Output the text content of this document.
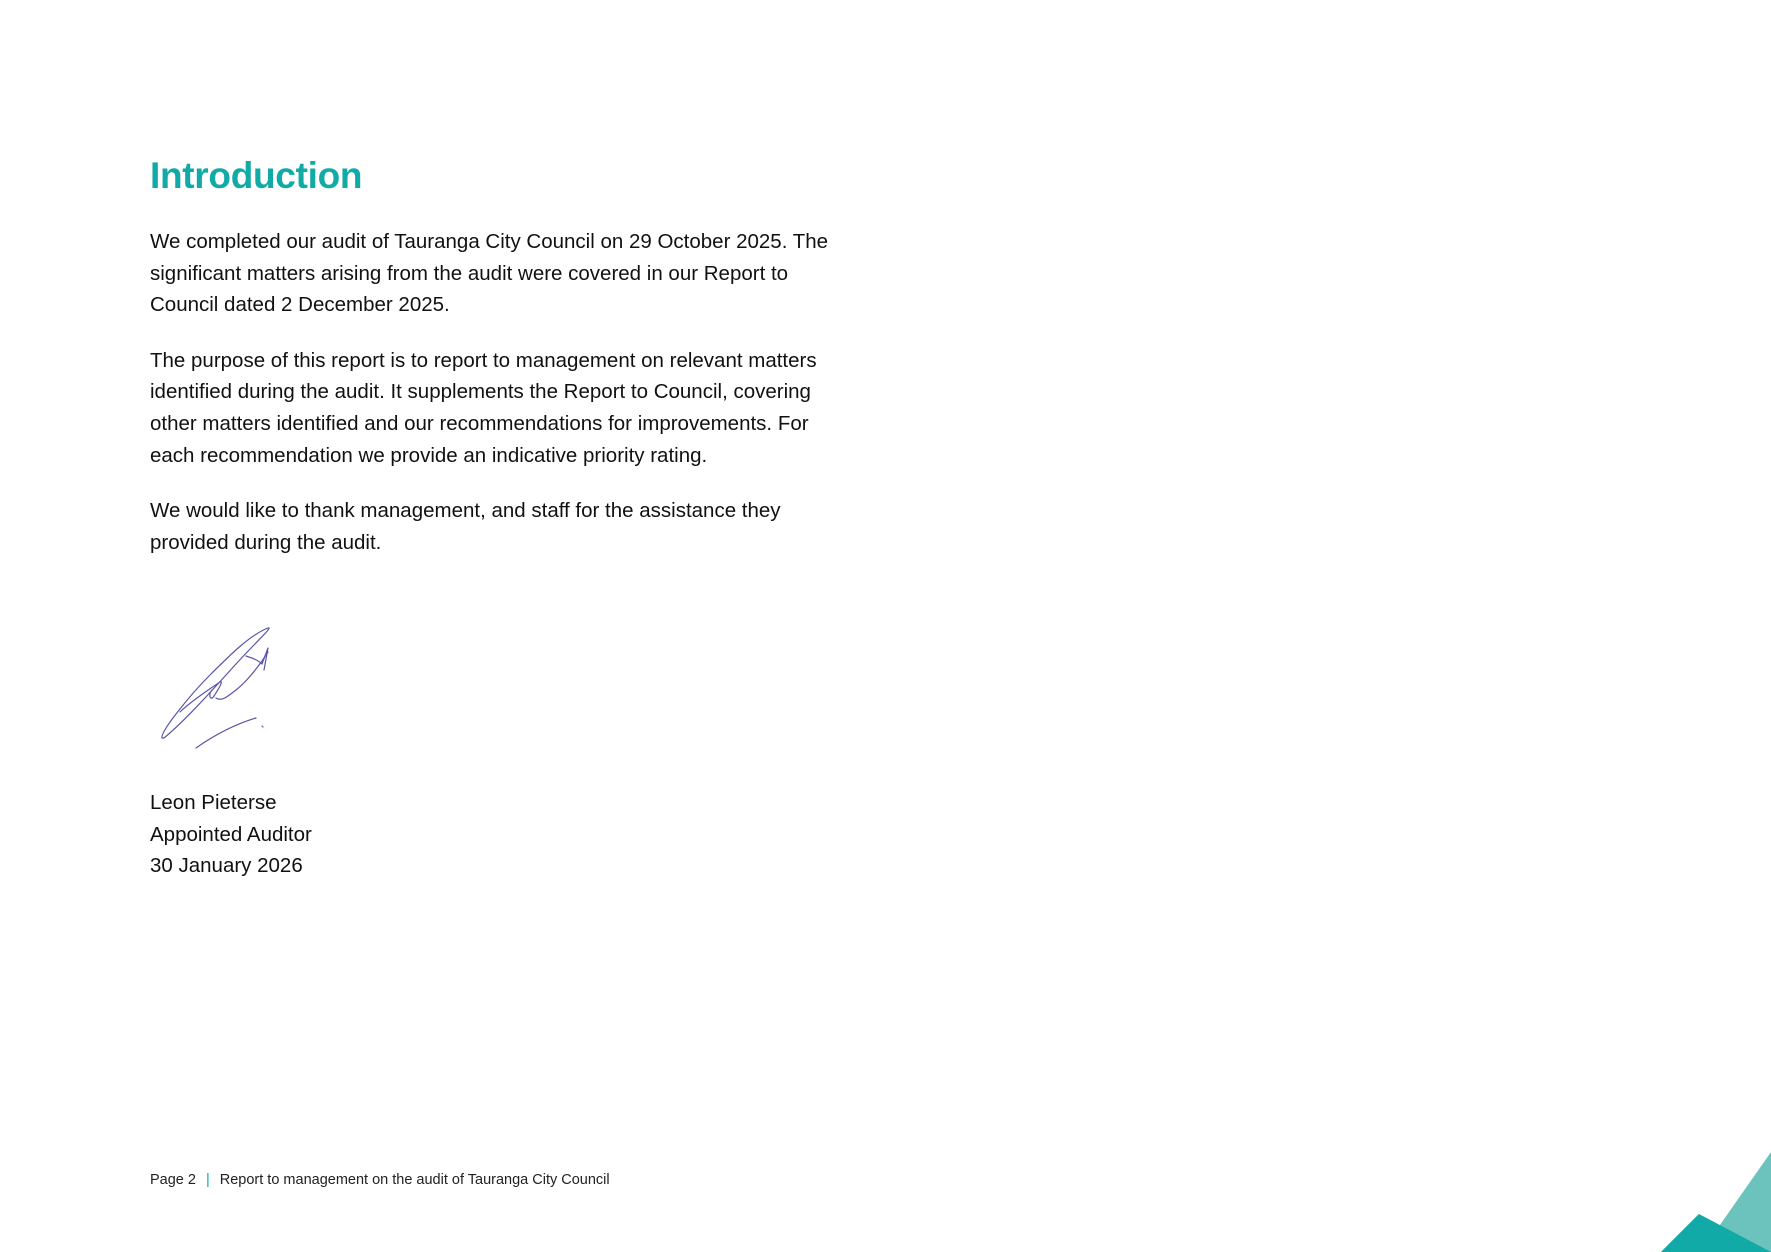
Introduction

We completed our audit of Tauranga City Council on 29 October 2025. The significant matters arising from the audit were covered in our Report to Council dated 2 December 2025.

The purpose of this report is to report to management on relevant matters identified during the audit. It supplements the Report to Council, covering other matters identified and our recommendations for improvements. For each recommendation we provide an indicative priority rating.

We would like to thank management, and staff for the assistance they provided during the audit.

Leon Pieterse
Appointed Auditor
30 January 2026
Page 2 | Report to management on the audit of Tauranga City Council
